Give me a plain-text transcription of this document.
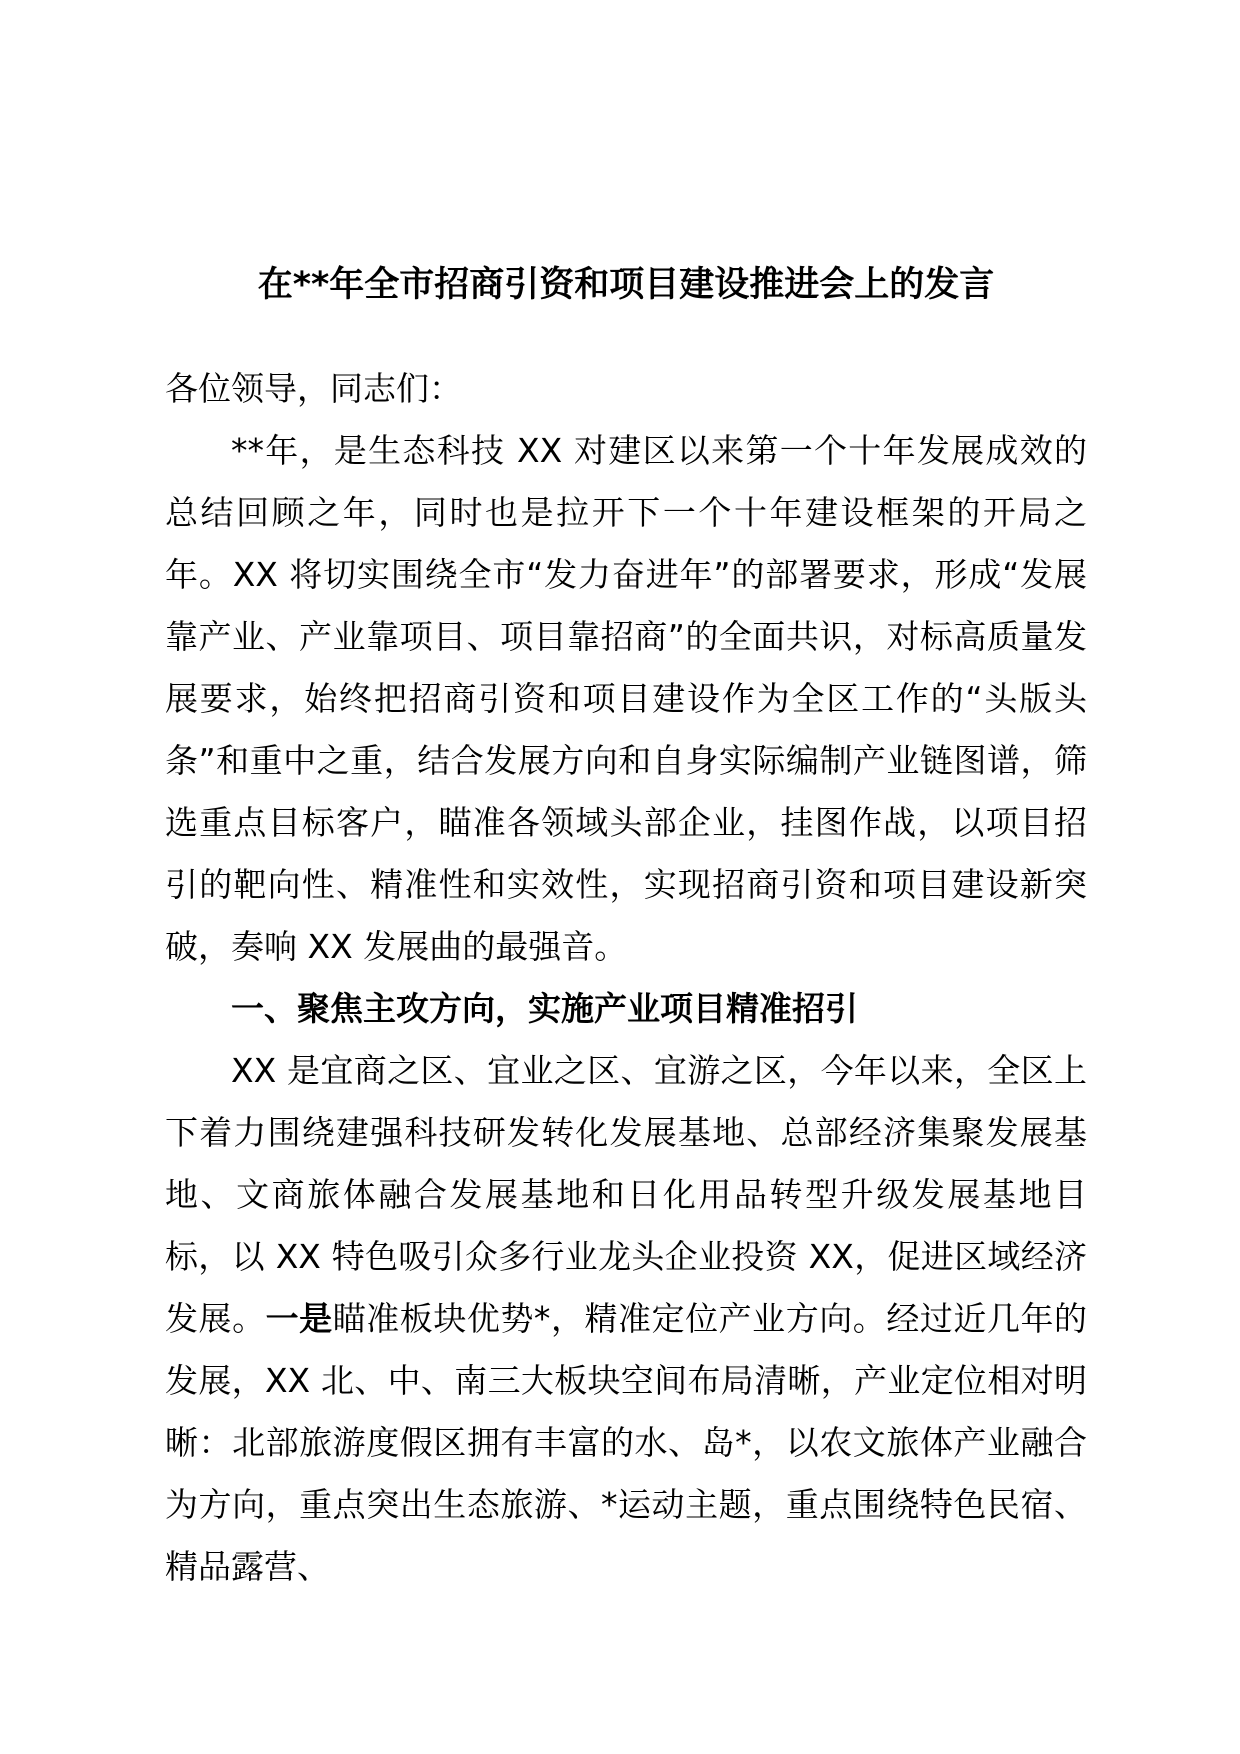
在**年全市招商引资和项目建设推进会上的发言

各位领导，同志们：

**年，是生态科技 XX 对建区以来第一个十年发展成效的总结回顾之年，同时也是拉开下一个十年建设框架的开局之年。XX 将切实围绕全市“发力奋进年”的部署要求，形成“发展靠产业、产业靠项目、项目靠招商”的全面共识，对标高质量发展要求，始终把招商引资和项目建设作为全区工作的“头版头条”和重中之重，结合发展方向和自身实际编制产业链图谱，筛选重点目标客户，瞄准各领域头部企业，挂图作战，以项目招引的靶向性、精准性和实效性，实现招商引资和项目建设新突破，奏响 XX 发展曲的最强音。

一、聚焦主攻方向，实施产业项目精准招引

XX 是宜商之区、宜业之区、宜游之区，今年以来，全区上下着力围绕建强科技研发转化发展基地、总部经济集聚发展基地、文商旅体融合发展基地和日化用品转型升级发展基地目标，以 XX 特色吸引众多行业龙头企业投资 XX，促进区域经济发展。一是瞄准板块优势*，精准定位产业方向。经过近几年的发展，XX 北、中、南三大板块空间布局清晰，产业定位相对明晰：北部旅游度假区拥有丰富的水、岛*，以农文旅体产业融合为方向，重点突出生态旅游、*运动主题，重点围绕特色民宿、精品露营、
